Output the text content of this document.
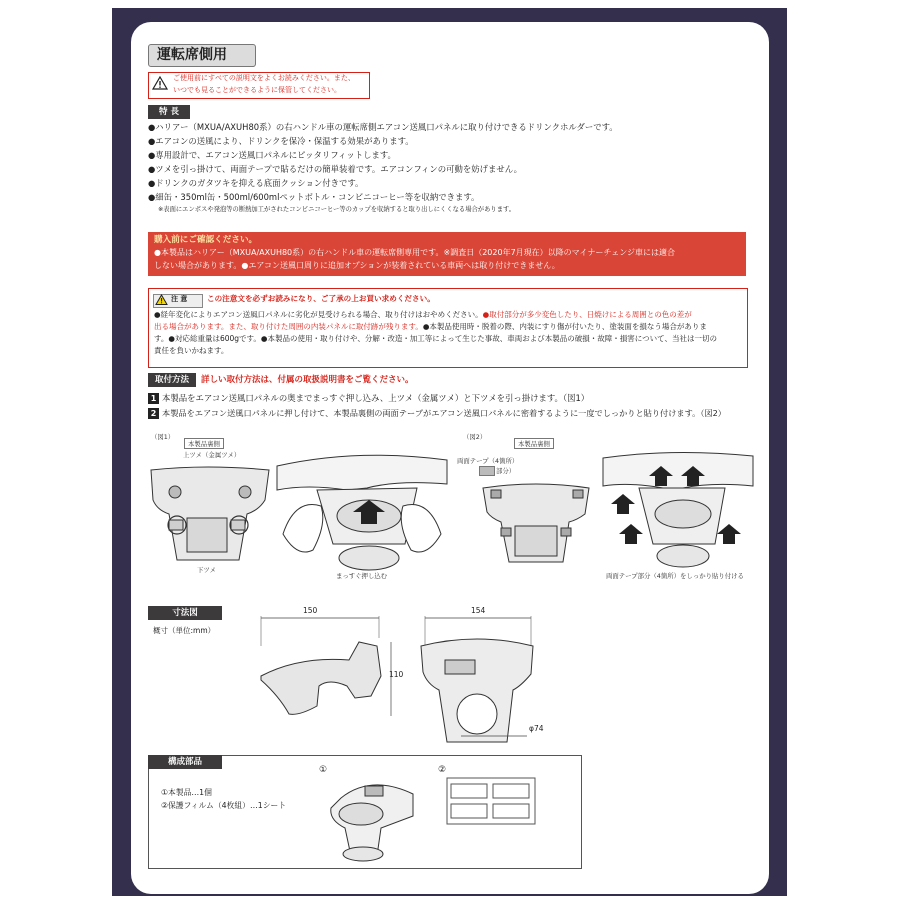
運転席側用
ご使用前にすべての説明文をよくお読みください。また、
いつでも見ることができるように保管してください。
特 長
●ハリアー（MXUA/AXUH80系）の右ハンドル車の運転席側エアコン送風口パネルに取り付けできるドリンクホルダーです。
●エアコンの送風により、ドリンクを保冷・保温する効果があります。
●専用設計で、エアコン送風口パネルにピッタリフィットします。
●ツメを引っ掛けて、両面テープで貼るだけの簡単装着です。エアコンフィンの可動を妨げません。
●ドリンクのガタツキを抑える底面クッション付きです。
●細缶・350ml缶・500ml/600mlペットボトル・コンビニコーヒー等を収納できます。
※表面にエンボスや発泡等の断熱加工がされたコンビニコーヒー等のカップを収納すると取り出しにくくなる場合があります。
購入前にご確認ください。
●本製品はハリアー（MXUA/AXUH80系）の右ハンドル車の運転席側専用です。※調査日（2020年7月現在）以降のマイナーチェンジ車には適合
しない場合があります。●エアコン送風口周りに追加オプションが装着されている車両へは取り付けできません。
注 意	この注意文を必ずお読みになり、ご了承の上お買い求めください。
●経年変化によりエアコン送風口パネルに劣化が見受けられる場合、取り付けはおやめください。●取付部分が多少変色したり、日焼けによる周囲との色の差が
出る場合があります。また、取り付けた周囲の内装パネルに取付跡が残ります。●本製品使用時・脱着の際、内装にすり傷が付いたり、塗装面を損なう場合がありま
す。●対応総重量は600gです。●本製品の使用・取り付けや、分解・改造・加工等によって生じた事故、車両および本製品の破損・故障・損害について、当社は一切の
責任を負いかねます。
取付方法	詳しい取付方法は、付属の取扱説明書をご覧ください。
1 本製品をエアコン送風口パネルの奥までまっすぐ押し込み、上ツメ（金属ツメ）と下ツメを引っ掛けます。（図1）
2 本製品をエアコン送風口パネルに押し付けて、本製品裏側の両面テープがエアコン送風口パネルに密着するように一度でしっかりと貼り付けます。（図2）
（図1）
本製品裏側
上ツメ（金属ツメ）
下ツメ
まっすぐ押し込む
（図2）
本製品裏側
両面テープ（4箇所）
部分）
両面テープ部分（4箇所）をしっかり貼り付ける
寸法図
概寸（単位:mm）
150	154
110
φ74
構成部品
①本製品…1個
②保護フィルム（4枚組）…1シート
①	②
